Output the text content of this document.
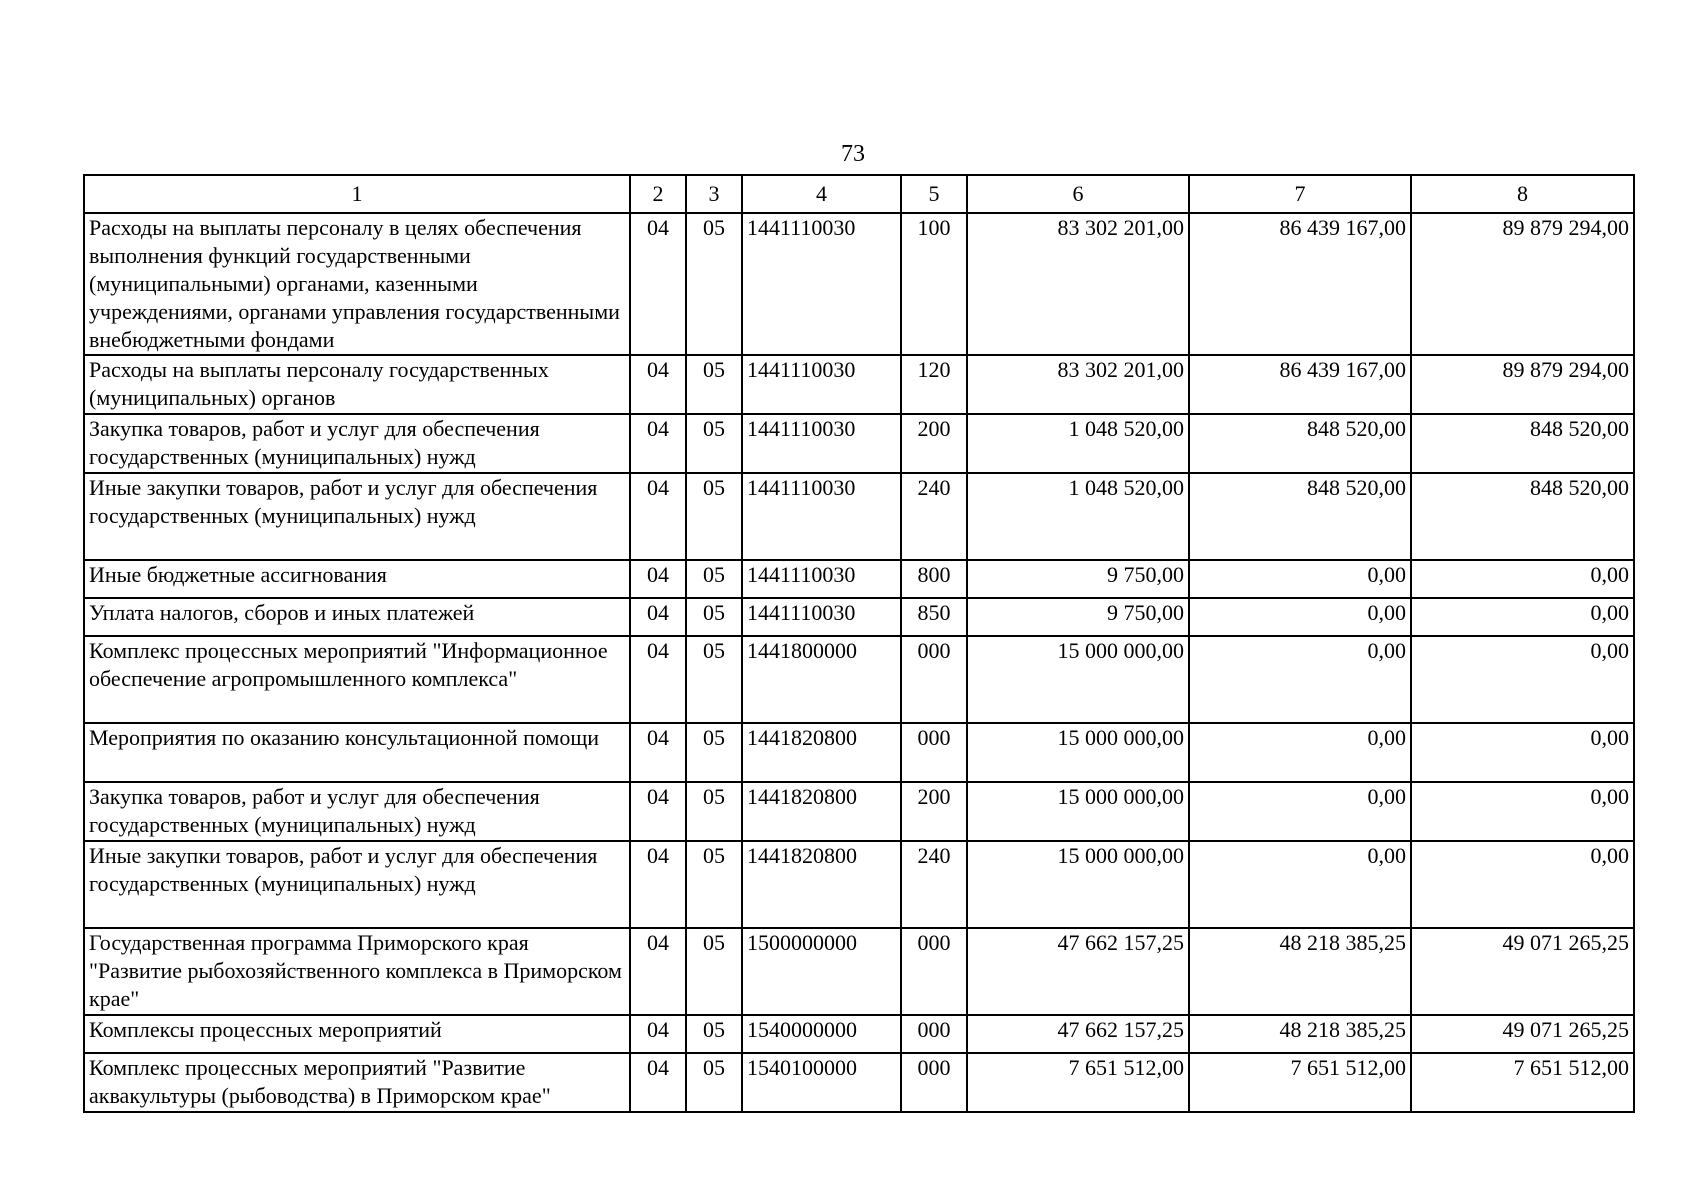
73
1	2	3	4	5	6	7	8
Расходы на выплаты персоналу в целях обеспечения выполнения функций государственными (муниципальными) органами, казенными учреждениями, органами управления государственными внебюджетными фондами	04	05	1441110030	100	83 302 201,00	86 439 167,00	89 879 294,00
Расходы на выплаты персоналу государственных (муниципальных) органов	04	05	1441110030	120	83 302 201,00	86 439 167,00	89 879 294,00
Закупка товаров, работ и услуг для обеспечения государственных (муниципальных) нужд	04	05	1441110030	200	1 048 520,00	848 520,00	848 520,00
Иные закупки товаров, работ и услуг для обеспечения государственных (муниципальных) нужд	04	05	1441110030	240	1 048 520,00	848 520,00	848 520,00
Иные бюджетные ассигнования	04	05	1441110030	800	9 750,00	0,00	0,00
Уплата налогов, сборов и иных платежей	04	05	1441110030	850	9 750,00	0,00	0,00
Комплекс процессных мероприятий "Информационное обеспечение агропромышленного комплекса"	04	05	1441800000	000	15 000 000,00	0,00	0,00
Мероприятия по оказанию консультационной помощи	04	05	1441820800	000	15 000 000,00	0,00	0,00
Закупка товаров, работ и услуг для обеспечения государственных (муниципальных) нужд	04	05	1441820800	200	15 000 000,00	0,00	0,00
Иные закупки товаров, работ и услуг для обеспечения государственных (муниципальных) нужд	04	05	1441820800	240	15 000 000,00	0,00	0,00
Государственная программа Приморского края "Развитие рыбохозяйственного комплекса в Приморском крае"	04	05	1500000000	000	47 662 157,25	48 218 385,25	49 071 265,25
Комплексы процессных мероприятий	04	05	1540000000	000	47 662 157,25	48 218 385,25	49 071 265,25
Комплекс процессных мероприятий "Развитие аквакультуры (рыбоводства) в Приморском крае"	04	05	1540100000	000	7 651 512,00	7 651 512,00	7 651 512,00
